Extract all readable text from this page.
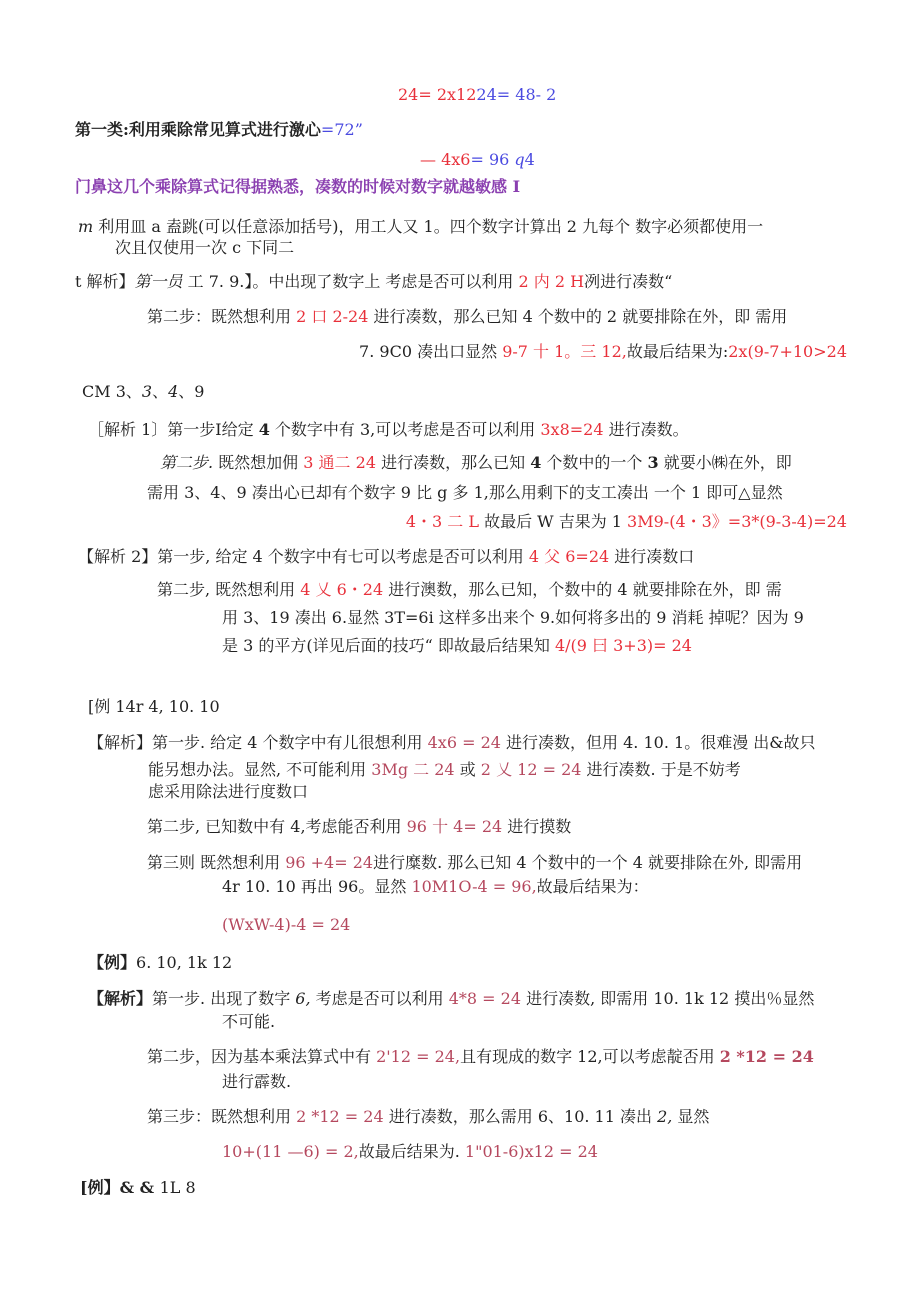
24= 2x1224= 48- 2
第一类:利用乘除常见算式进行激心=72”
— 4x6= 96 q4
门鼻这几个乘除算式记得据熟悉，凑数的时候对数字就越敏感 I
m 利用皿 a 盍跳(可以任意添加括号)，用工人又 1。四个数字计算出 2 九每个 数字必须都使用一
次且仅使用一次 c 下同二
t 解析】第一员 工 7. 9.】。中出现了数字上 考虑是否可以利用 2 内 2 H冽进行凑数“
第二步：既然想利用 2 口 2-24 进行凑数，那么已知 4 个数中的 2 就要排除在外，即 需用
7. 9C0 凑出口显然 9-7 十 1。三 12,故最后结果为:2x(9-7+10>24
CM 3、3、4、9
［解析 1〕第一步Ι给定 4 个数字中有 3,可以考虑是否可以利用 3x8=24 进行凑数。
第二步. 既然想加佣 3 通二 24 进行凑数，那么已知 4 个数中的一个 3 就要小㈱在外，即
需用 3、4、9 凑出心已却有个数字 9 比 g 多 1,那么用剩下的支工凑出 一个 1 即可△显然
4・3 二 L 故最后 W 吉果为 1 3M9-(4・3》=3*(9-3-4)=24
【解析 2】第一步, 给定 4 个数字中有七可以考虑是否可以利用 4 父 6=24 进行凑数口
第二步, 既然想利用 4 乂 6・24 进行澳数，那么已知，个数中的 4 就要排除在外，即 需
用 3、19 凑出 6.显然 3T=6i 这样多出来个 9.如何将多出的 9 消耗 掉呢？因为 9
是 3 的平方(详见后面的技巧“ 即故最后结果知 4/(9 曰 3+3)= 24
[例 14r 4, 10. 10
【解析】第一步. 给定 4 个数字中有儿很想利用 4x6 = 24 进行凑数，但用 4. 10. 1。很难漫 出&故只
能另想办法。显然, 不可能利用 3Mg 二 24 或 2 乂 12 = 24 进行凑数. 于是不妨考
虑采用除法进行度数口
第二步, 已知数中有 4,考虑能否利用 96 十 4= 24 进行摸数
第三则 既然想利用 96 +4= 24进行糜数. 那么已知 4 个数中的一个 4 就要排除在外, 即需用
4r 10. 10 再出 96。显然 10M1O-4 = 96,故最后结果为：
(WxW-4)-4 = 24
【例】6. 10, 1k 12
【解析】第一步. 出现了数字 6, 考虑是否可以利用 4*8 = 24 进行凑数, 即需用 10. 1k 12 摸出％显然
不可能.
第二步，因为基本乘法算式中有 2'12 = 24,且有现成的数字 12,可以考虑靛否用 2 *12 = 24
进行霹数.
第三步：既然想利用 2 *12 = 24 进行凑数，那么需用 6、10. 11 凑出 2, 显然
10+(11 —6) = 2,故最后结果为. 1"01-6)x12 = 24
[例】& & 1L 8
